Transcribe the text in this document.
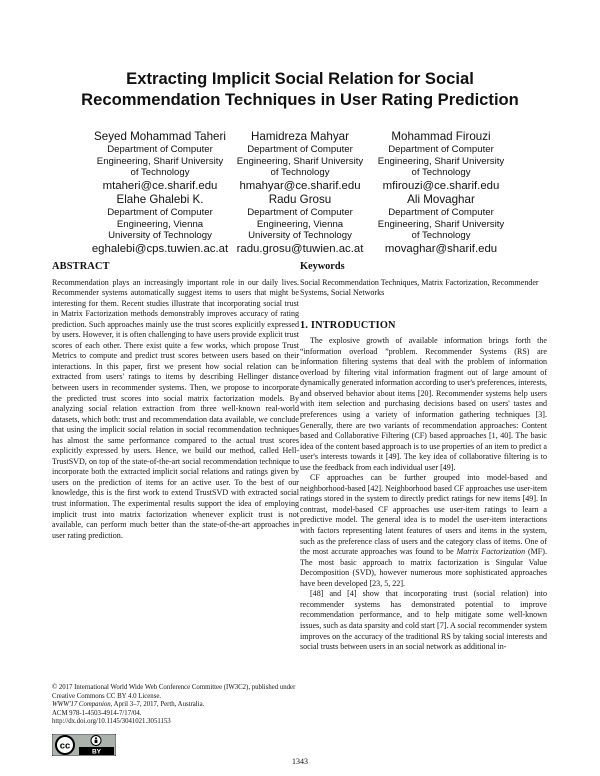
Extracting Implicit Social Relation for Social
Recommendation Techniques in User Rating Prediction
Seyed Mohammad Taheri
Department of Computer
Engineering, Sharif University
of Technology
mtaheri@ce.sharif.edu
Hamidreza Mahyar
Department of Computer
Engineering, Sharif University
of Technology
hmahyar@ce.sharif.edu
Mohammad Firouzi
Department of Computer
Engineering, Sharif University
of Technology
mfirouzi@ce.sharif.edu
Elahe Ghalebi K.
Department of Computer
Engineering, Vienna
University of Technology
eghalebi@cps.tuwien.ac.at
Radu Grosu
Department of Computer
Engineering, Vienna
University of Technology
radu.grosu@tuwien.ac.at
Ali Movaghar
Department of Computer
Engineering, Sharif University
of Technology
movaghar@sharif.edu
ABSTRACT

Recommendation plays an increasingly important role in our daily lives. Recommender systems automatically suggest items to users that might be interesting for them. Recent studies illustrate that incorporating social trust in Matrix Factorization methods demonstrably improves accuracy of rating prediction. Such approaches mainly use the trust scores explicitly expressed by users. However, it is often challenging to have users provide explicit trust scores of each other. There exist quite a few works, which propose Trust Metrics to compute and predict trust scores between users based on their interactions. In this paper, first we present how social relation can be extracted from users' ratings to items by describing Hellinger distance between users in recommender systems. Then, we propose to incorporate the predicted trust scores into social matrix factorization models. By analyzing social relation extraction from three well-known real-world datasets, which both: trust and recommendation data available, we conclude that using the implicit social relation in social recommendation techniques has almost the same performance compared to the actual trust scores explicitly expressed by users. Hence, we build our method, called Hell-TrustSVD, on top of the state-of-the-art social recommendation technique to incorporate both the extracted implicit social relations and ratings given by users on the prediction of items for an active user. To the best of our knowledge, this is the first work to extend TrustSVD with extracted social trust information. The experimental results support the idea of employing implicit trust into matrix factorization whenever explicit trust is not available, can perform much better than the state-of-the-art approaches in user rating prediction.

© 2017 International World Wide Web Conference Committee (IW3C2), published under Creative Commons CC BY 4.0 License.
WWW'17 Companion, April 3–7, 2017, Perth, Australia.
ACM 978-1-4503-4914-7/17/04.
http://dx.doi.org/10.1145/3041021.3051153
cc
BY
Keywords

Social Recommendation Techniques, Matrix Factorization, Recommender Systems, Social Networks

1. INTRODUCTION

The explosive growth of available information brings forth the “information overload ”problem. Recommender Systems (RS) are information filtering systems that deal with the problem of information overload by filtering vital information fragment out of large amount of dynamically generated information according to user's preferences, interests, and observed behavior about items [20]. Recommender systems help users with item selection and purchasing decisions based on users' tastes and preferences using a variety of information gathering techniques [3]. Generally, there are two variants of recommendation approaches: Content based and Collaborative Filtering (CF) based approaches [1, 40]. The basic idea of the content based approach is to use properties of an item to predict a user's interests towards it [49]. The key idea of collaborative filtering is to use the feedback from each individual user [49].

CF approaches can be further grouped into model-based and neighborhood-based [42]. Neighborhood based CF approaches use user-item ratings stored in the system to directly predict ratings for new items [49]. In contrast, model-based CF approaches use user-item ratings to learn a predictive model. The general idea is to model the user-item interactions with factors representing latent features of users and items in the system, such as the preference class of users and the category class of items. One of the most accurate approaches was found to be Matrix Factorization (MF). The most basic approach to matrix factorization is Singular Value Decomposition (SVD), however numerous more sophisticated approaches have been developed [23, 5, 22].

[48] and [4] show that incorporating trust (social relation) into recommender systems has demonstrated potential to improve recommendation performance, and to help mitigate some well-known issues, such as data sparsity and cold start [7]. A social recommender system improves on the accuracy of the traditional RS by taking social interests and social trusts between users in an social network as additional in-

1343
